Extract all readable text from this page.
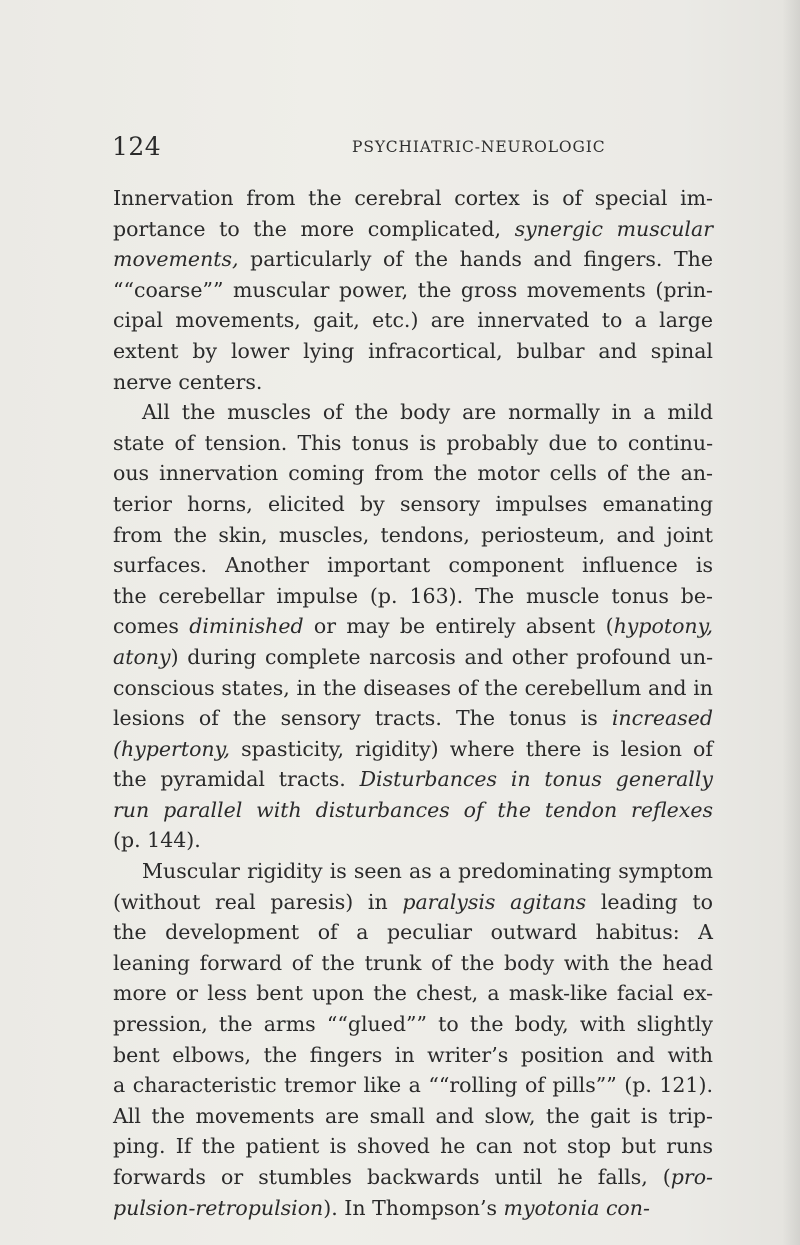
124	PSYCHIATRIC-NEUROLOGIC
Innervation from the cerebral cortex is of special im-
portance to the more complicated, synergic muscular
movements, particularly of the hands and fingers. The
““coarse”” muscular power, the gross movements (prin-
cipal movements, gait, etc.) are innervated to a large
extent by lower lying infracortical, bulbar and spinal
nerve centers.
All the muscles of the body are normally in a mild
state of tension. This tonus is probably due to continu-
ous innervation coming from the motor cells of the an-
terior horns, elicited by sensory impulses emanating
from the skin, muscles, tendons, periosteum, and joint
surfaces. Another important component influence is
the cerebellar impulse (p. 163). The muscle tonus be-
comes diminished or may be entirely absent (hypotony,
atony) during complete narcosis and other profound un-
conscious states, in the diseases of the cerebellum and in
lesions of the sensory tracts. The tonus is increased
(hypertony, spasticity, rigidity) where there is lesion of
the pyramidal tracts. Disturbances in tonus generally
run parallel with disturbances of the tendon reflexes
(p. 144).
Muscular rigidity is seen as a predominating symptom
(without real paresis) in paralysis agitans leading to
the development of a peculiar outward habitus: A
leaning forward of the trunk of the body with the head
more or less bent upon the chest, a mask-like facial ex-
pression, the arms ““glued”” to the body, with slightly
bent elbows, the fingers in writer’s position and with
a characteristic tremor like a ““rolling of pills”” (p. 121).
All the movements are small and slow, the gait is trip-
ping. If the patient is shoved he can not stop but runs
forwards or stumbles backwards until he falls, (pro-
pulsion-retropulsion). In Thompson’s myotonia con-
